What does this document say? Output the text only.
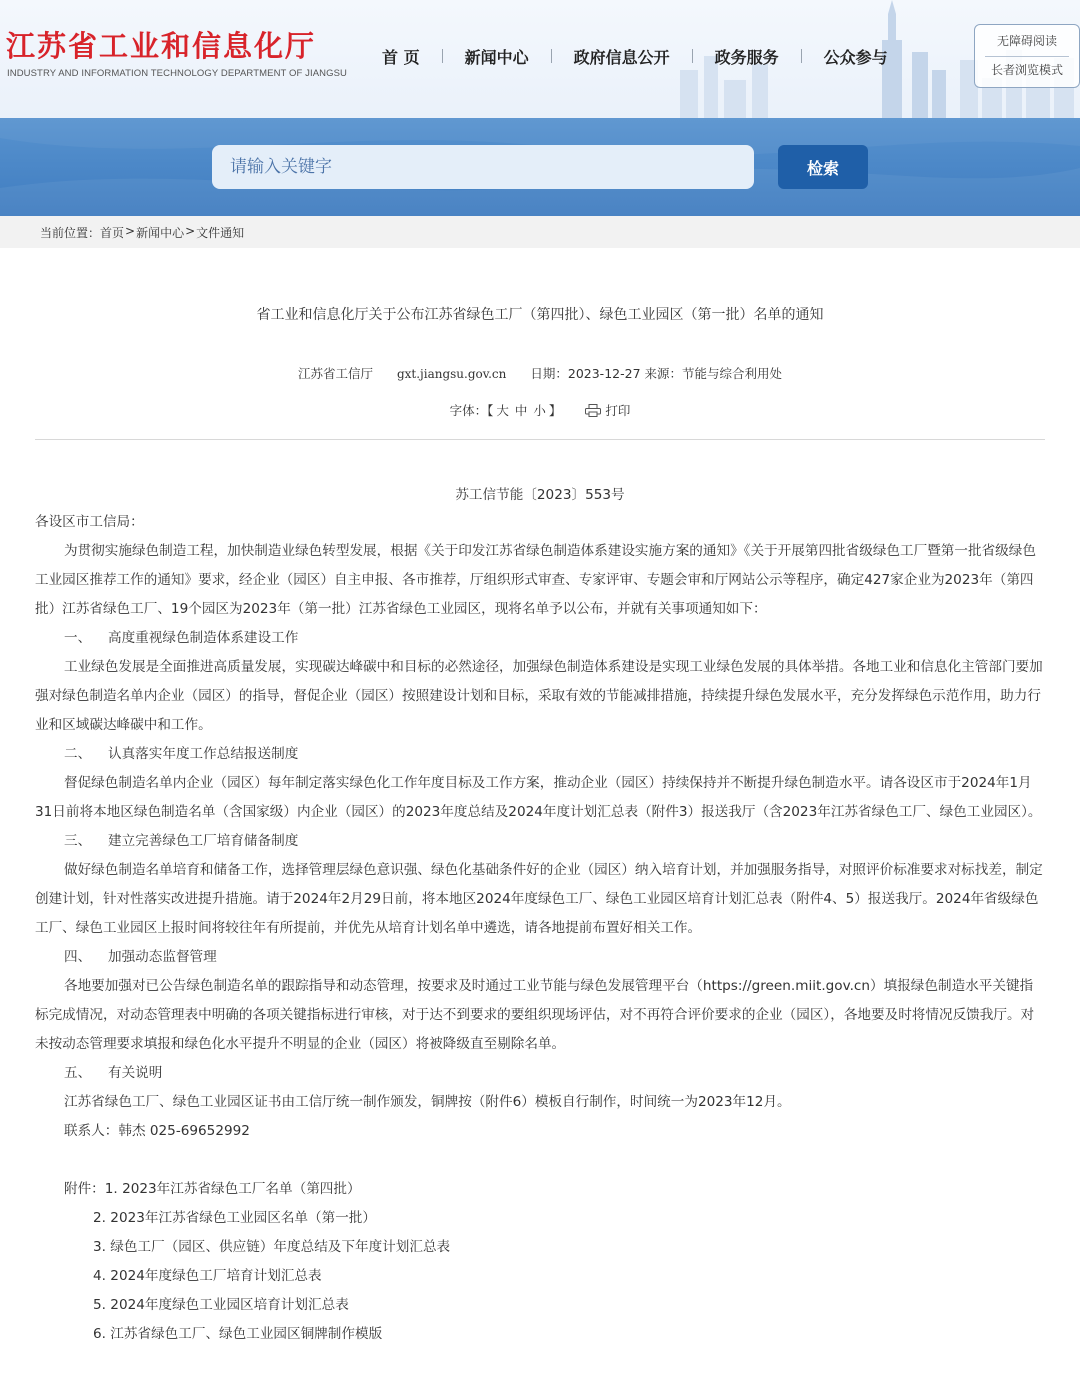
江苏省工业和信息化厅
INDUSTRY AND INFORMATION TECHNOLOGY DEPARTMENT OF JIANGSU
首 页	新闻中心	政府信息公开	政务服务	公众参与
无障碍阅读
长者浏览模式
请输入关键字
检索
当前位置： 首页 > 新闻中心 > 文件通知
省工业和信息化厅关于公布江苏省绿色工厂（第四批）、绿色工业园区（第一批）名单的通知
江苏省工信厅 gxt.jiangsu.gov.cn 日期：2023-12-27 来源：节能与综合利用处
字体：【 大 中 小 】	打印
苏工信节能〔2023〕553号
各设区市工信局：
为贯彻实施绿色制造工程，加快制造业绿色转型发展，根据《关于印发江苏省绿色制造体系建设实施方案的通知》《关于开展第四批省级绿色工厂暨第一批省级绿色工业园区推荐工作的通知》要求，经企业（园区）自主申报、各市推荐，厅组织形式审查、专家评审、专题会审和厅网站公示等程序，确定427家企业为2023年（第四批）江苏省绿色工厂、19个园区为2023年（第一批）江苏省绿色工业园区，现将名单予以公布，并就有关事项通知如下：
一、 高度重视绿色制造体系建设工作
工业绿色发展是全面推进高质量发展，实现碳达峰碳中和目标的必然途径，加强绿色制造体系建设是实现工业绿色发展的具体举措。各地工业和信息化主管部门要加强对绿色制造名单内企业（园区）的指导，督促企业（园区）按照建设计划和目标，采取有效的节能减排措施，持续提升绿色发展水平，充分发挥绿色示范作用，助力行业和区域碳达峰碳中和工作。
二、 认真落实年度工作总结报送制度
督促绿色制造名单内企业（园区）每年制定落实绿色化工作年度目标及工作方案，推动企业（园区）持续保持并不断提升绿色制造水平。请各设区市于2024年1月31日前将本地区绿色制造名单（含国家级）内企业（园区）的2023年度总结及2024年度计划汇总表（附件3）报送我厅（含2023年江苏省绿色工厂、绿色工业园区）。
三、 建立完善绿色工厂培育储备制度
做好绿色制造名单培育和储备工作，选择管理层绿色意识强、绿色化基础条件好的企业（园区）纳入培育计划，并加强服务指导，对照评价标准要求对标找差，制定创建计划，针对性落实改进提升措施。请于2024年2月29日前，将本地区2024年度绿色工厂、绿色工业园区培育计划汇总表（附件4、5）报送我厅。2024年省级绿色工厂、绿色工业园区上报时间将较往年有所提前，并优先从培育计划名单中遴选，请各地提前布置好相关工作。
四、 加强动态监督管理
各地要加强对已公告绿色制造名单的跟踪指导和动态管理，按要求及时通过工业节能与绿色发展管理平台（https://green.miit.gov.cn）填报绿色制造水平关键指标完成情况，对动态管理表中明确的各项关键指标进行审核，对于达不到要求的要组织现场评估，对不再符合评价要求的企业（园区），各地要及时将情况反馈我厅。对未按动态管理要求填报和绿色化水平提升不明显的企业（园区）将被降级直至剔除名单。
五、 有关说明
江苏省绿色工厂、绿色工业园区证书由工信厅统一制作颁发，铜牌按（附件6）模板自行制作，时间统一为2023年12月。
联系人：韩杰 025-69652992
附件：1. 2023年江苏省绿色工厂名单（第四批）
2. 2023年江苏省绿色工业园区名单（第一批）
3. 绿色工厂（园区、供应链）年度总结及下年度计划汇总表
4. 2024年度绿色工厂培育计划汇总表
5. 2024年度绿色工业园区培育计划汇总表
6. 江苏省绿色工厂、绿色工业园区铜牌制作模版
